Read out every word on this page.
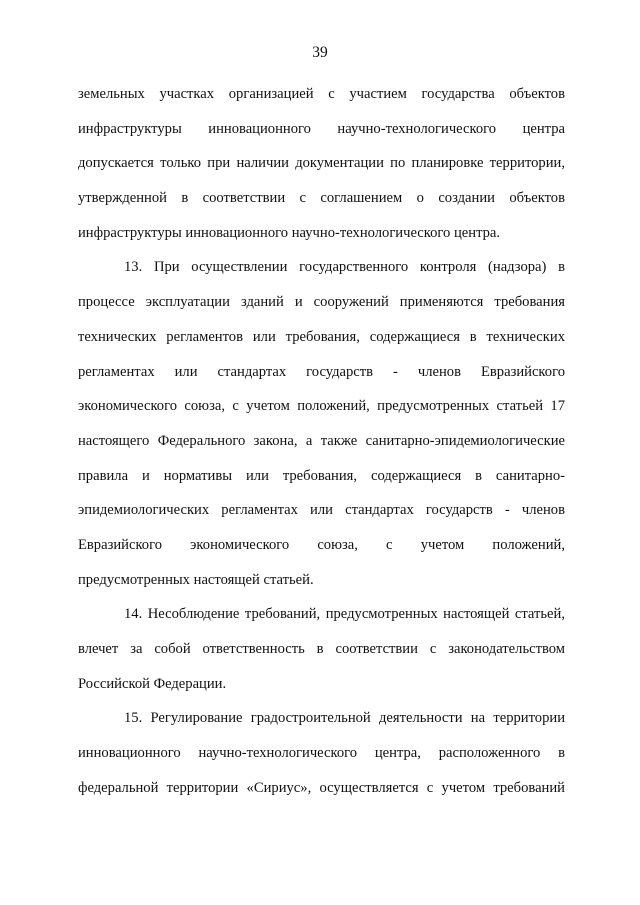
39
земельных участках организацией с участием государства объектов
инфраструктуры инновационного научно-технологического центра
допускается только при наличии документации по планировке территории,
утвержденной в соответствии с соглашением о создании объектов
инфраструктуры инновационного научно-технологического центра.
13. При осуществлении государственного контроля (надзора) в
процессе эксплуатации зданий и сооружений применяются требования
технических регламентов или требования, содержащиеся в технических
регламентах или стандартах государств - членов Евразийского
экономического союза, с учетом положений, предусмотренных статьей 17
настоящего Федерального закона, а также санитарно-эпидемиологические
правила и нормативы или требования, содержащиеся в санитарно-
эпидемиологических регламентах или стандартах государств - членов
Евразийского экономического союза, с учетом положений,
предусмотренных настоящей статьей.
14. Несоблюдение требований, предусмотренных настоящей статьей,
влечет за собой ответственность в соответствии с законодательством
Российской Федерации.
15. Регулирование градостроительной деятельности на территории
инновационного научно-технологического центра, расположенного в
федеральной территории «Сириус», осуществляется с учетом требований
